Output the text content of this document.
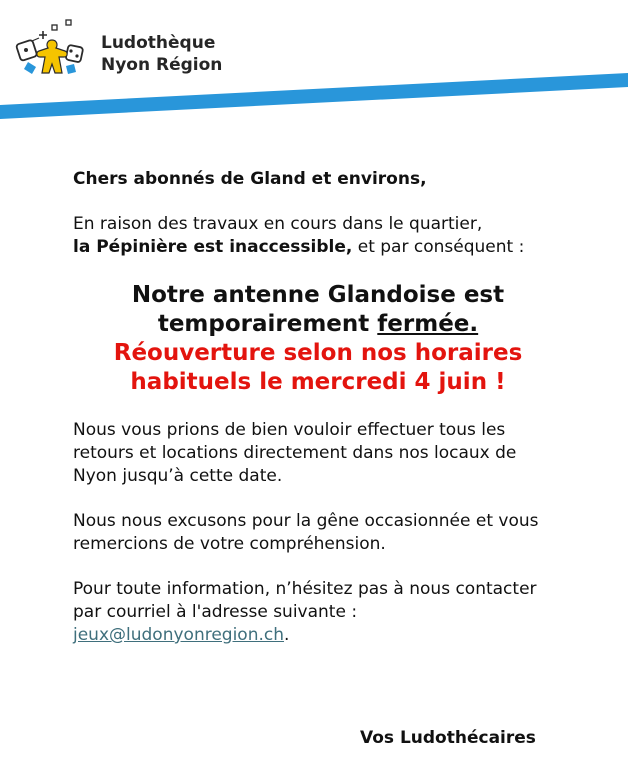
Ludothèque
Nyon Région

Chers abonnés de Gland et environs,

En raison des travaux en cours dans le quartier,
la Pépinière est inaccessible, et par conséquent :

Notre antenne Glandoise est
temporairement fermée.
Réouverture selon nos horaires habituels le mercredi 4 juin !

Nous vous prions de bien vouloir effectuer tous les retours et locations directement dans nos locaux de Nyon jusqu’à cette date.

Nous nous excusons pour la gêne occasionnée et vous remercions de votre compréhension.

Pour toute information, n’hésitez pas à nous contacter par courriel à l'adresse suivante :
jeux@ludonyonregion.ch.

Vos Ludothécaires
